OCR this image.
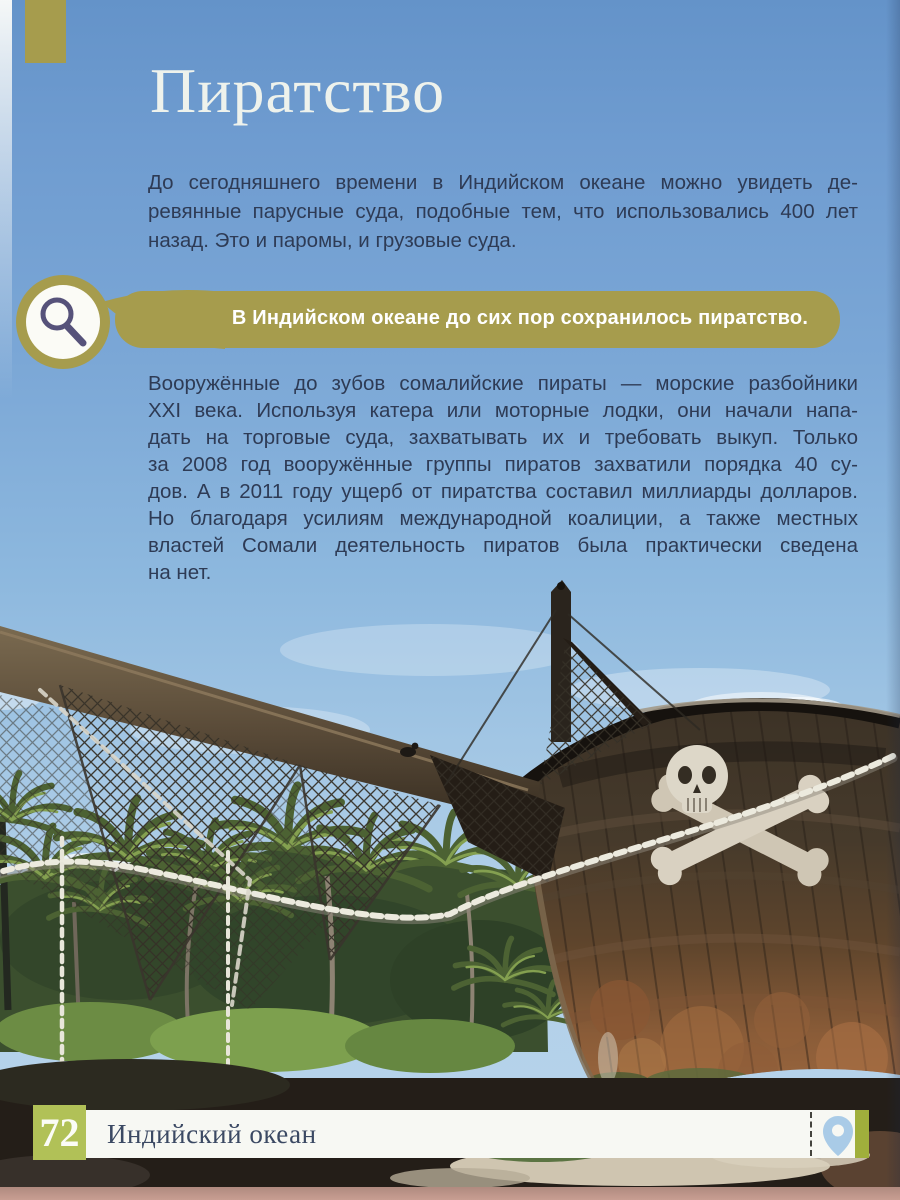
Пиратство
До сегодняшнего времени в Индийском океане можно увидеть де-
ревянные парусные суда, подобные тем, что использовались 400 лет
назад. Это и паромы, и грузовые суда.
В Индийском океане до сих пор сохранилось пиратство.
Вооружённые до зубов сомалийские пираты — морские разбойники
XXI века. Используя катера или моторные лодки, они начали напа-
дать на торговые суда, захватывать их и требовать выкуп. Только
за 2008 год вооружённые группы пиратов захватили порядка 40 су-
дов. А в 2011 году ущерб от пиратства составил миллиарды долларов.
Но благодаря усилиям международной коалиции, а также местных
властей Сомали деятельность пиратов была практически сведена
на нет.
72 Индийский океан
